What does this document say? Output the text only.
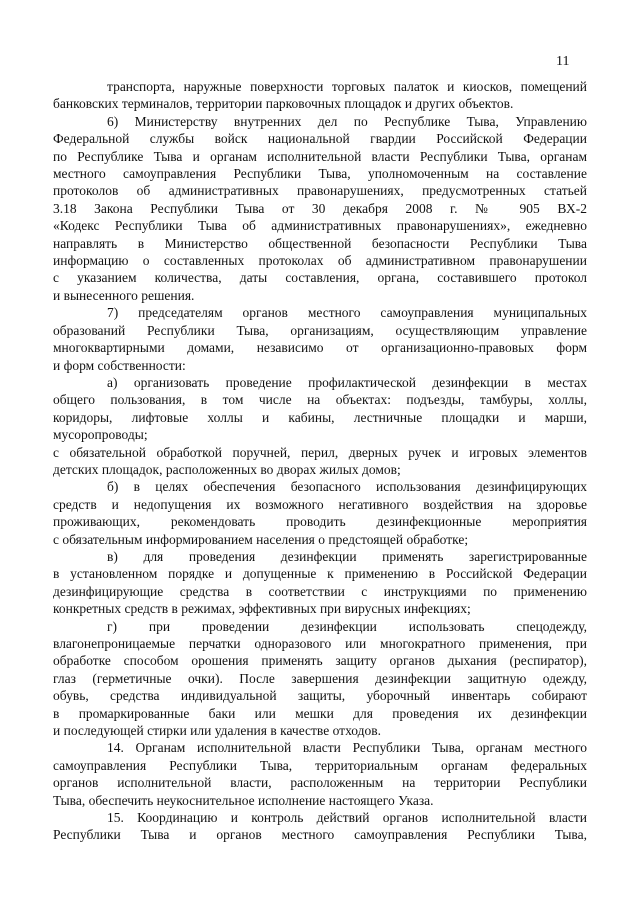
11
транспорта, наружные поверхности торговых палаток и киосков, помещений
банковских терминалов, территории парковочных площадок и других объектов.
6) Министерству внутренних дел по Республике Тыва, Управлению
Федеральной службы войск национальной гвардии Российской Федерации
по Республике Тыва и органам исполнительной власти Республики Тыва, органам
местного самоуправления Республики Тыва, уполномоченным на составление
протоколов об административных правонарушениях, предусмотренных статьей
3.18 Закона Республики Тыва от 30 декабря 2008 г. № 905 ВХ-2
«Кодекс Республики Тыва об административных правонарушениях», ежедневно
направлять в Министерство общественной безопасности Республики Тыва
информацию о составленных протоколах об административном правонарушении
с указанием количества, даты составления, органа, составившего протокол
и вынесенного решения.
7) председателям органов местного самоуправления муниципальных
образований Республики Тыва, организациям, осуществляющим управление
многоквартирными домами, независимо от организационно-правовых форм
и форм собственности:
а) организовать проведение профилактической дезинфекции в местах
общего пользования, в том числе на объектах: подъезды, тамбуры, холлы,
коридоры, лифтовые холлы и кабины, лестничные площадки и марши,
мусоропроводы;
с обязательной обработкой поручней, перил, дверных ручек и игровых элементов
детских площадок, расположенных во дворах жилых домов;
б) в целях обеспечения безопасного использования дезинфицирующих
средств и недопущения их возможного негативного воздействия на здоровье
проживающих, рекомендовать проводить дезинфекционные мероприятия
с обязательным информированием населения о предстоящей обработке;
в) для проведения дезинфекции применять зарегистрированные
в установленном порядке и допущенные к применению в Российской Федерации
дезинфицирующие средства в соответствии с инструкциями по применению
конкретных средств в режимах, эффективных при вирусных инфекциях;
г) при проведении дезинфекции использовать спецодежду,
влагонепроницаемые перчатки одноразового или многократного применения, при
обработке способом орошения применять защиту органов дыхания (респиратор),
глаз (герметичные очки). После завершения дезинфекции защитную одежду,
обувь, средства индивидуальной защиты, уборочный инвентарь собирают
в промаркированные баки или мешки для проведения их дезинфекции
и последующей стирки или удаления в качестве отходов.
14. Органам исполнительной власти Республики Тыва, органам местного
самоуправления Республики Тыва, территориальным органам федеральных
органов исполнительной власти, расположенным на территории Республики
Тыва, обеспечить неукоснительное исполнение настоящего Указа.
15. Координацию и контроль действий органов исполнительной власти
Республики Тыва и органов местного самоуправления Республики Тыва,
